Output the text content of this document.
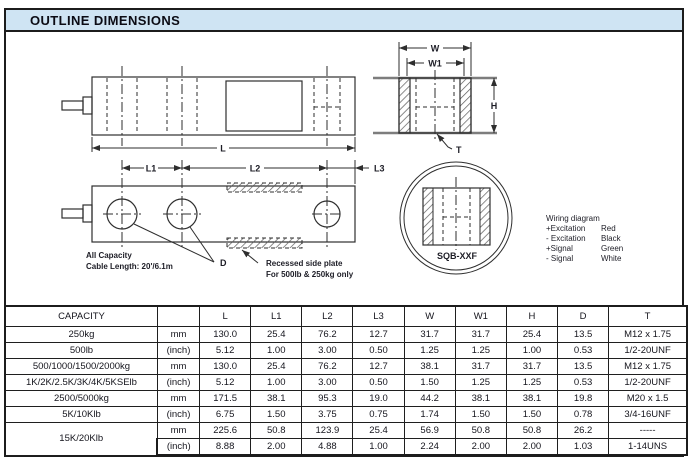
OUTLINE DIMENSIONS
L
L1	L2	L3
D
All Capacity
Cable Length: 20'/6.1m	Recessed side plate
For 500lb & 250kg only
W
W1
H
T
SQB-XXF
Wiring diagram
+Excitation Red
- Excitation Black
+Signal	Green
- Signal	White
CAPACITY		L	L1	L2	L3	W	W1	H	D	T
250kg	mm	130.0	25.4	76.2	12.7	31.7	31.7	25.4	13.5	M12 x 1.75
500lb	(inch)	5.12	1.00	3.00	0.50	1.25	1.25	1.00	0.53	1/2-20UNF
500/1000/1500/2000kg	mm	130.0	25.4	76.2	12.7	38.1	31.7	31.7	13.5	M12 x 1.75
1K/2K/2.5K/3K/4K/5KSElb	(inch)	5.12	1.00	3.00	0.50	1.50	1.25	1.25	0.53	1/2-20UNF
2500/5000kg	mm	171.5	38.1	95.3	19.0	44.2	38.1	38.1	19.8	M20 x 1.5
5K/10Klb	(inch)	6.75	1.50	3.75	0.75	1.74	1.50	1.50	0.78	3/4-16UNF
15K/20Klb	mm	225.6	50.8	123.9	25.4	56.9	50.8	50.8	26.2	-----
	(inch)	8.88	2.00	4.88	1.00	2.24	2.00	2.00	1.03	1-14UNS
